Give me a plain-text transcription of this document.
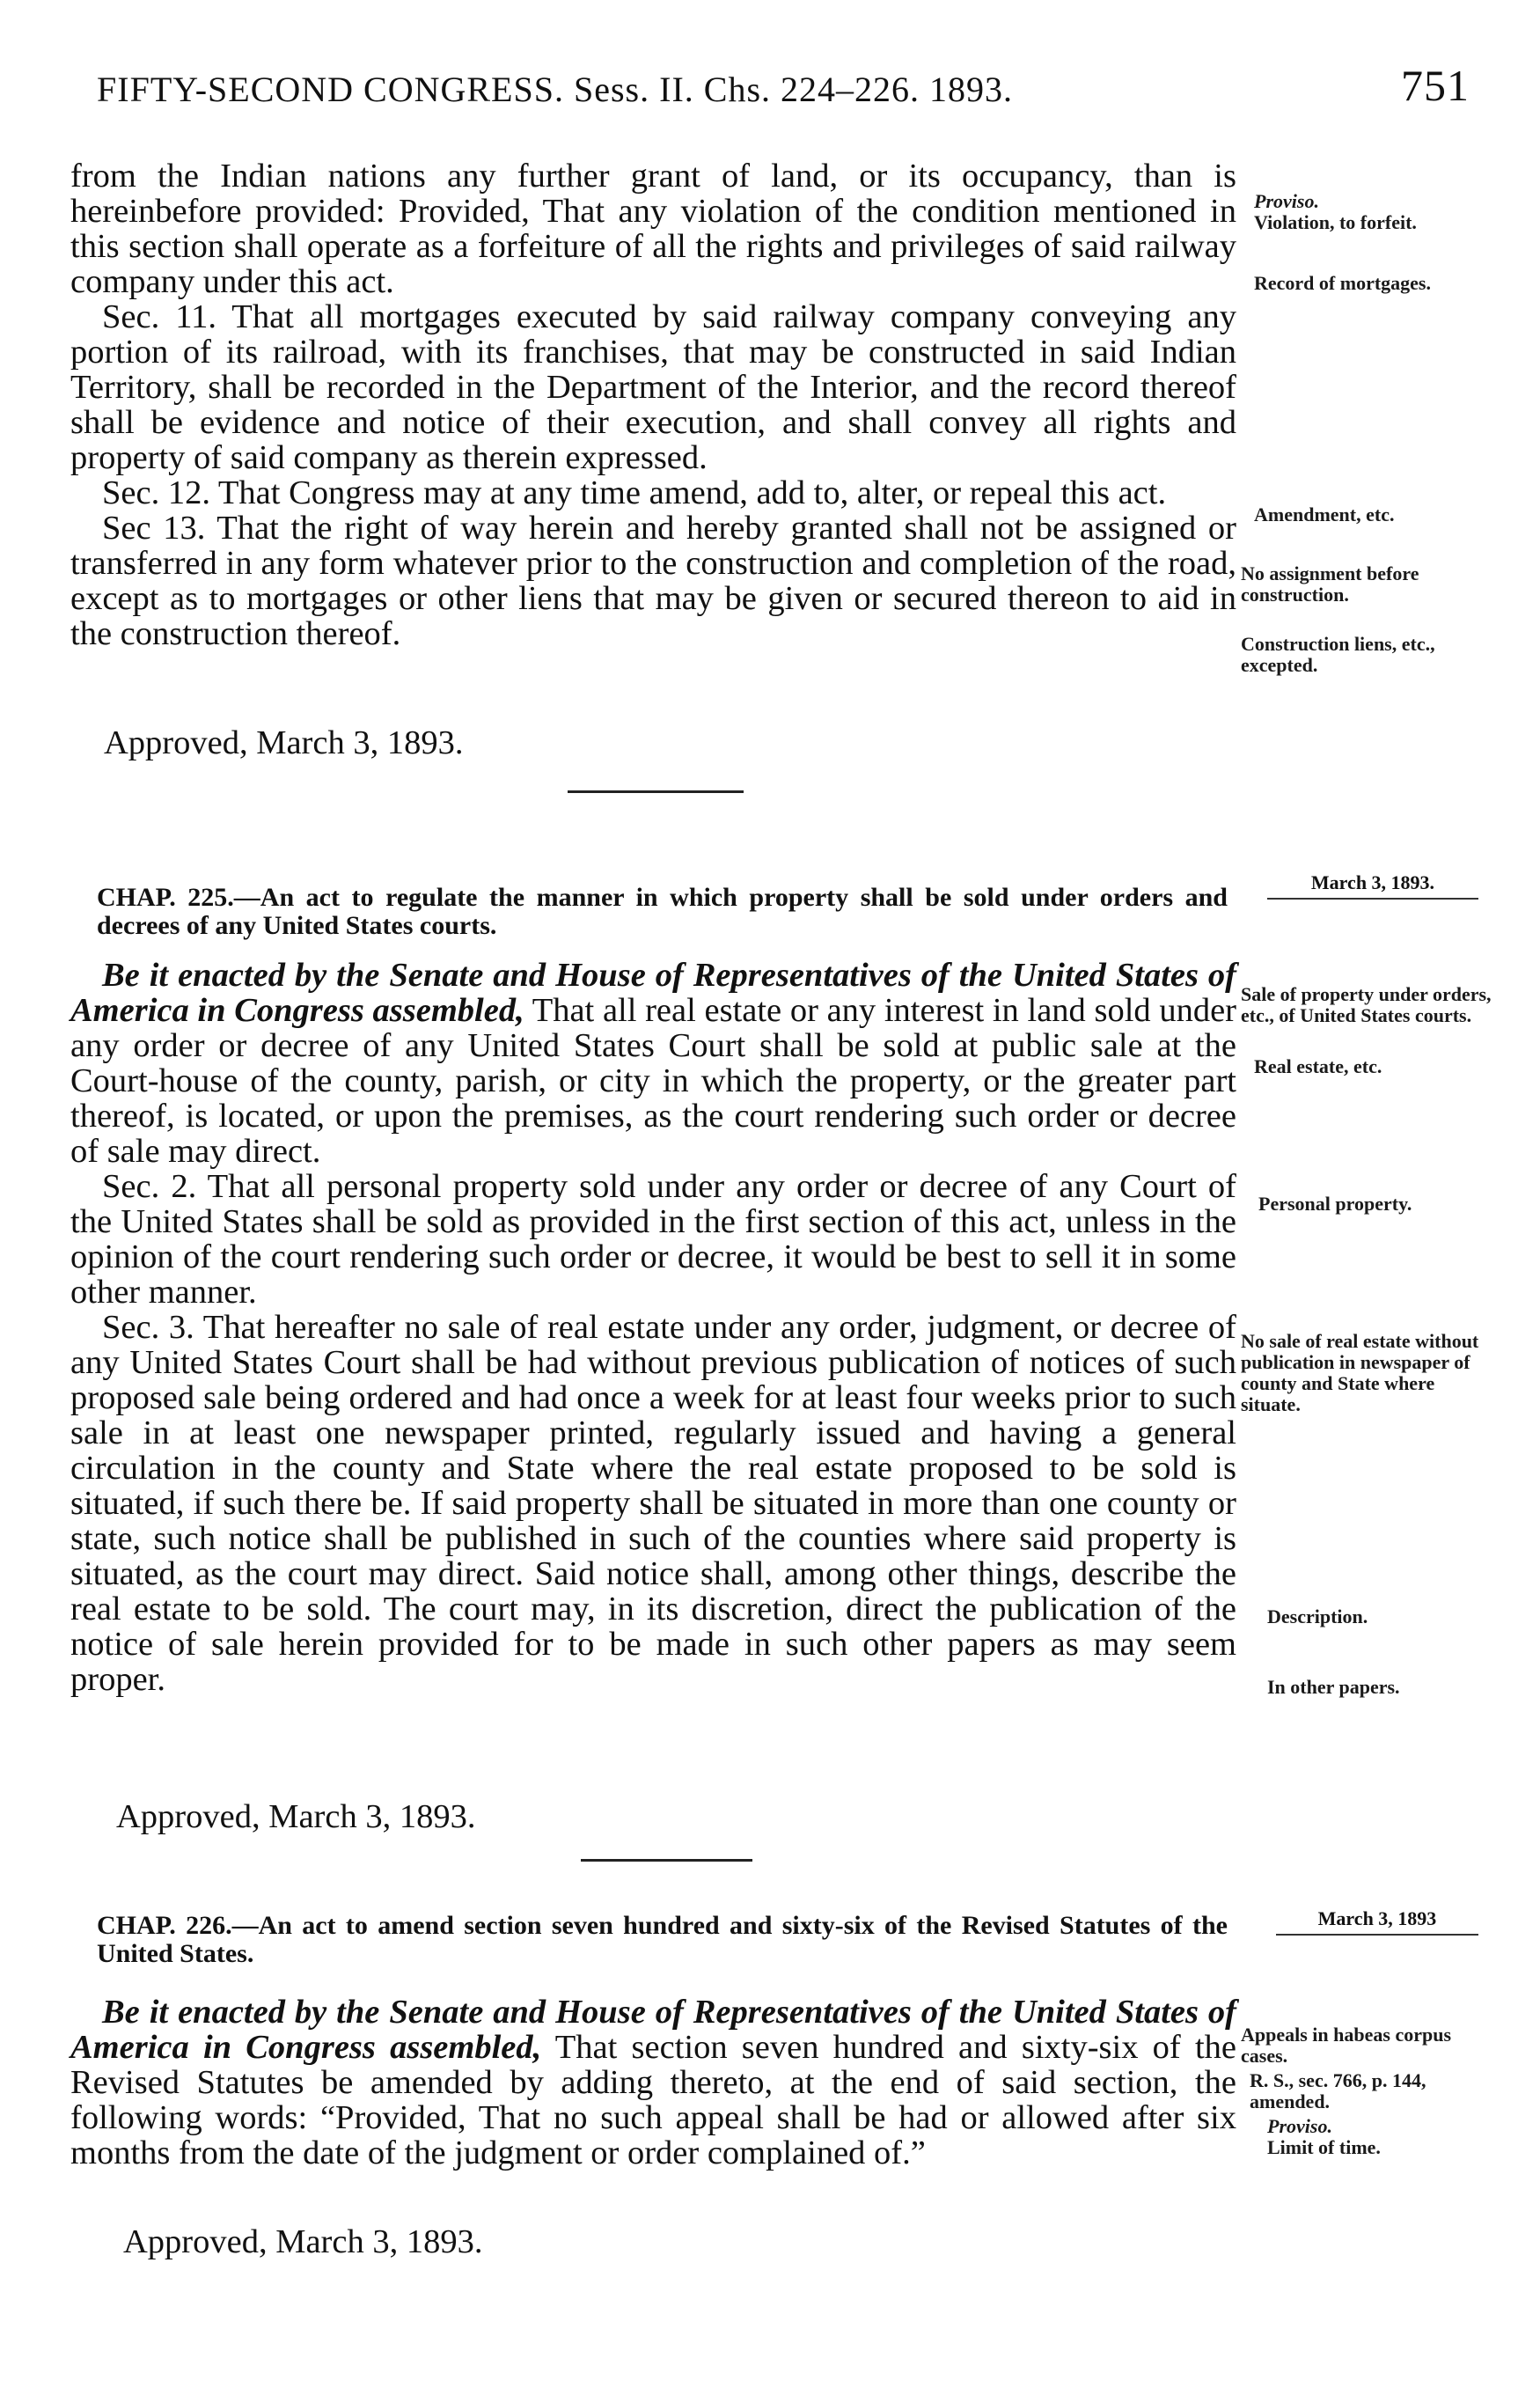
FIFTY-SECOND CONGRESS. Sess. II. Chs. 224–226. 1893.	751

from the Indian nations any further grant of land, or its occupancy, than is hereinbefore provided: Provided, That any violation of the condition mentioned in this section shall operate as a forfeiture of all the rights and privileges of said railway company under this act.

Sec. 11. That all mortgages executed by said railway company conveying any portion of its railroad, with its franchises, that may be constructed in said Indian Territory, shall be recorded in the Department of the Interior, and the record thereof shall be evidence and notice of their execution, and shall convey all rights and property of said company as therein expressed.

Sec. 12. That Congress may at any time amend, add to, alter, or repeal this act.

Sec 13. That the right of way herein and hereby granted shall not be assigned or transferred in any form whatever prior to the construction and completion of the road, except as to mortgages or other liens that may be given or secured thereon to aid in the construction thereof.

Approved, March 3, 1893.
March 3, 1893.
CHAP. 225.—An act to regulate the manner in which property shall be sold under orders and decrees of any United States courts.

Be it enacted by the Senate and House of Representatives of the United States of America in Congress assembled, That all real estate or any interest in land sold under any order or decree of any United States Court shall be sold at public sale at the Court-house of the county, parish, or city in which the property, or the greater part thereof, is located, or upon the premises, as the court rendering such order or decree of sale may direct.

Sec. 2. That all personal property sold under any order or decree of any Court of the United States shall be sold as provided in the first section of this act, unless in the opinion of the court rendering such order or decree, it would be best to sell it in some other manner.

Sec. 3. That hereafter no sale of real estate under any order, judgment, or decree of any United States Court shall be had without previous publication of notices of such proposed sale being ordered and had once a week for at least four weeks prior to such sale in at least one newspaper printed, regularly issued and having a general circulation in the county and State where the real estate proposed to be sold is situated, if such there be. If said property shall be situated in more than one county or state, such notice shall be published in such of the counties where said property is situated, as the court may direct. Said notice shall, among other things, describe the real estate to be sold. The court may, in its discretion, direct the publication of the notice of sale herein provided for to be made in such other papers as may seem proper.

Approved, March 3, 1893.
March 3, 1893
CHAP. 226.—An act to amend section seven hundred and sixty-six of the Revised Statutes of the United States.

Be it enacted by the Senate and House of Representatives of the United States of America in Congress assembled, That section seven hundred and sixty-six of the Revised Statutes be amended by adding thereto, at the end of said section, the following words: “Provided, That no such appeal shall be had or allowed after six months from the date of the judgment or order complained of.”

Approved, March 3, 1893.
Proviso.
Violation, to forfeit.
Record of mortgages.
Amendment, etc.
No assignment before construction.
Construction liens, etc., excepted.
Sale of property under orders, etc., of United States courts.
Real estate, etc.
Personal property.
No sale of real estate without publication in newspaper of county and State where situate.
Description.
In other papers.
Appeals in habeas corpus cases.
R. S., sec. 766, p. 144, amended.
Proviso.
Limit of time.
